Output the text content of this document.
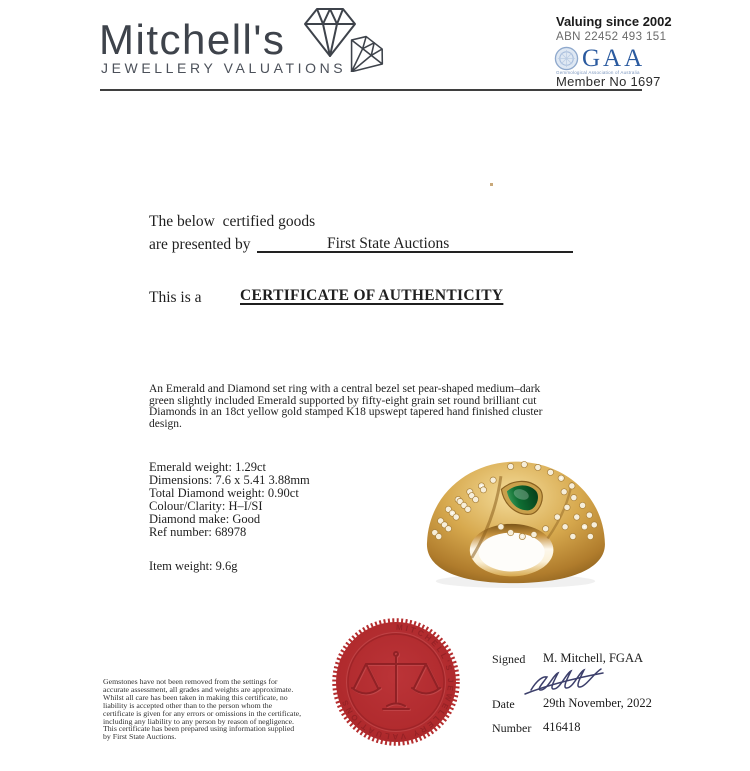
Mitchell's
JEWELLERY VALUATIONS
Valuing since 2002
ABN 22452 493 151
GAA
Gemmological Association of Australia
Member No 1697
The below  certified goods
are presented by	First State Auctions
This is a CERTIFICATE OF AUTHENTICITY
An Emerald and Diamond set ring with a central bezel set pear-shaped medium–dark
green slightly included Emerald supported by fifty-eight grain set round brilliant cut
Diamonds in an 18ct yellow gold stamped K18 upswept tapered hand finished cluster
design.
Emerald weight: 1.29ct
Dimensions: 7.6 x 5.41 3.88mm
Total Diamond weight: 0.90ct
Colour/Clarity: H–I/SI
Diamond make: Good
Ref number: 68978
Item weight: 9.6g
Gemstones have not been removed from the settings for accurate assessment, all grades and weights are approximate. Whilst all care has been taken in making this certificate, no liability is accepted other than to the person whom the certificate is given for any errors or omissions in the certificate, including any liability to any person by reason of negligence. This certificate has been prepared using information supplied by First State Auctions.
MITCHELL'S JEWELLERY VALUATIONS
Signed M. Mitchell, FGAA
Date 29th November, 2022
Number 416418
